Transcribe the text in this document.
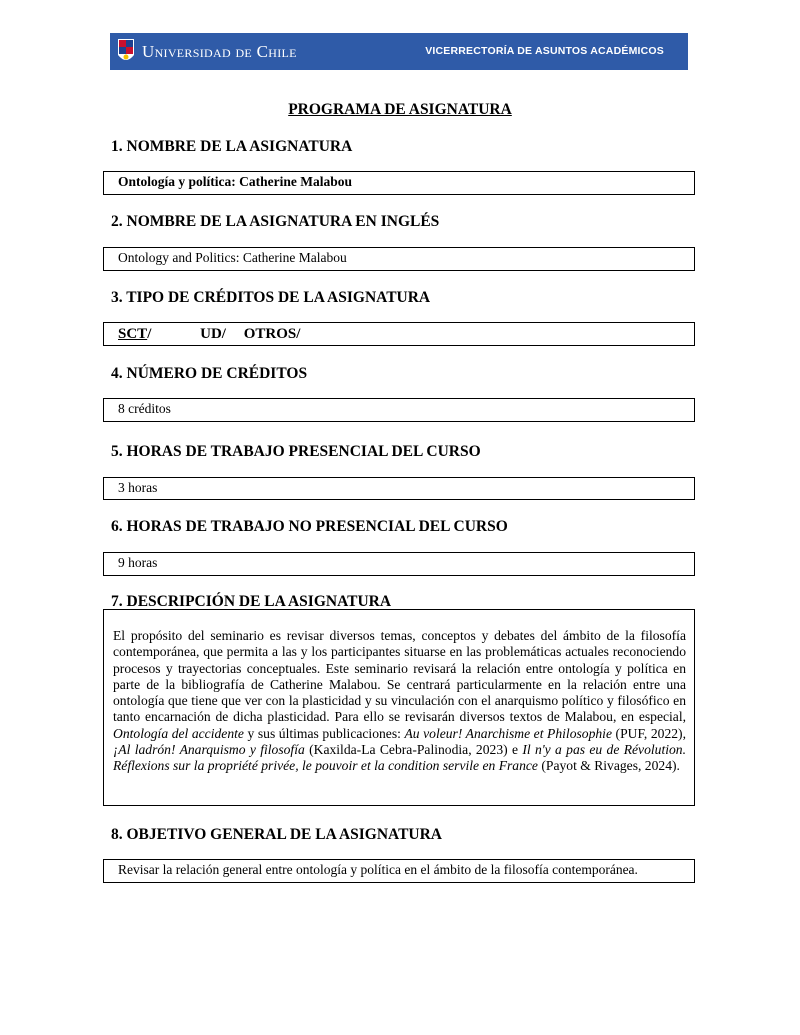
Universidad de Chile	VICERRECTORÍA DE ASUNTOS ACADÉMICOS
PROGRAMA DE ASIGNATURA
1. NOMBRE DE LA ASIGNATURA
Ontología y política: Catherine Malabou
2. NOMBRE DE LA ASIGNATURA EN INGLÉS
Ontology and Politics: Catherine Malabou
3. TIPO DE CRÉDITOS DE LA ASIGNATURA
SCT/	UD/ OTROS/
4. NÚMERO DE CRÉDITOS
8 créditos
5. HORAS DE TRABAJO PRESENCIAL DEL CURSO
3 horas
6. HORAS DE TRABAJO NO PRESENCIAL DEL CURSO
9 horas
7. DESCRIPCIÓN DE LA ASIGNATURA
El propósito del seminario es revisar diversos temas, conceptos y debates del ámbito de la filosofía contemporánea, que permita a las y los participantes situarse en las problemáticas actuales reconociendo procesos y trayectorias conceptuales. Este seminario revisará la relación entre ontología y política en parte de la bibliografía de Catherine Malabou. Se centrará particularmente en la relación entre una ontología que tiene que ver con la plasticidad y su vinculación con el anarquismo político y filosófico en tanto encarnación de dicha plasticidad. Para ello se revisarán diversos textos de Malabou, en especial, Ontología del accidente y sus últimas publicaciones: Au voleur! Anarchisme et Philosophie (PUF, 2022), ¡Al ladrón! Anarquismo y filosofía (Kaxilda-La Cebra-Palinodia, 2023) e Il n'y a pas eu de Révolution. Réflexions sur la propriété privée, le pouvoir et la condition servile en France (Payot & Rivages, 2024).
8. OBJETIVO GENERAL DE LA ASIGNATURA
Revisar la relación general entre ontología y política en el ámbito de la filosofía contemporánea.
